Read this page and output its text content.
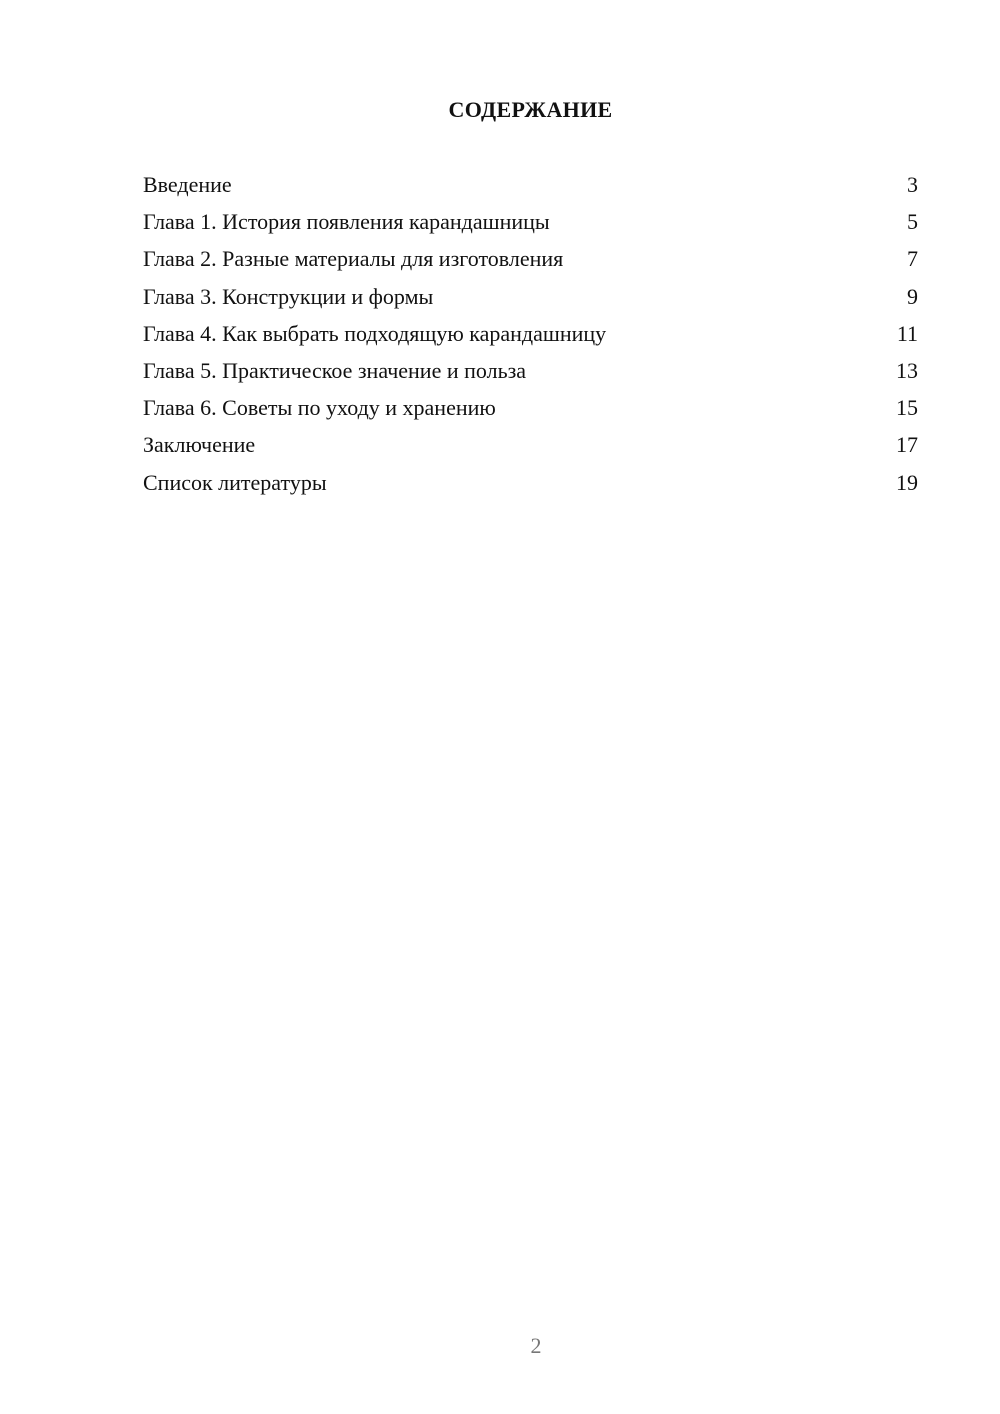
СОДЕРЖАНИЕ
Введение	3
Глава 1. История появления карандашницы	5
Глава 2. Разные материалы для изготовления	7
Глава 3. Конструкции и формы	9
Глава 4. Как выбрать подходящую карандашницу	11
Глава 5. Практическое значение и польза	13
Глава 6. Советы по уходу и хранению	15
Заключение	17
Список литературы	19
2
